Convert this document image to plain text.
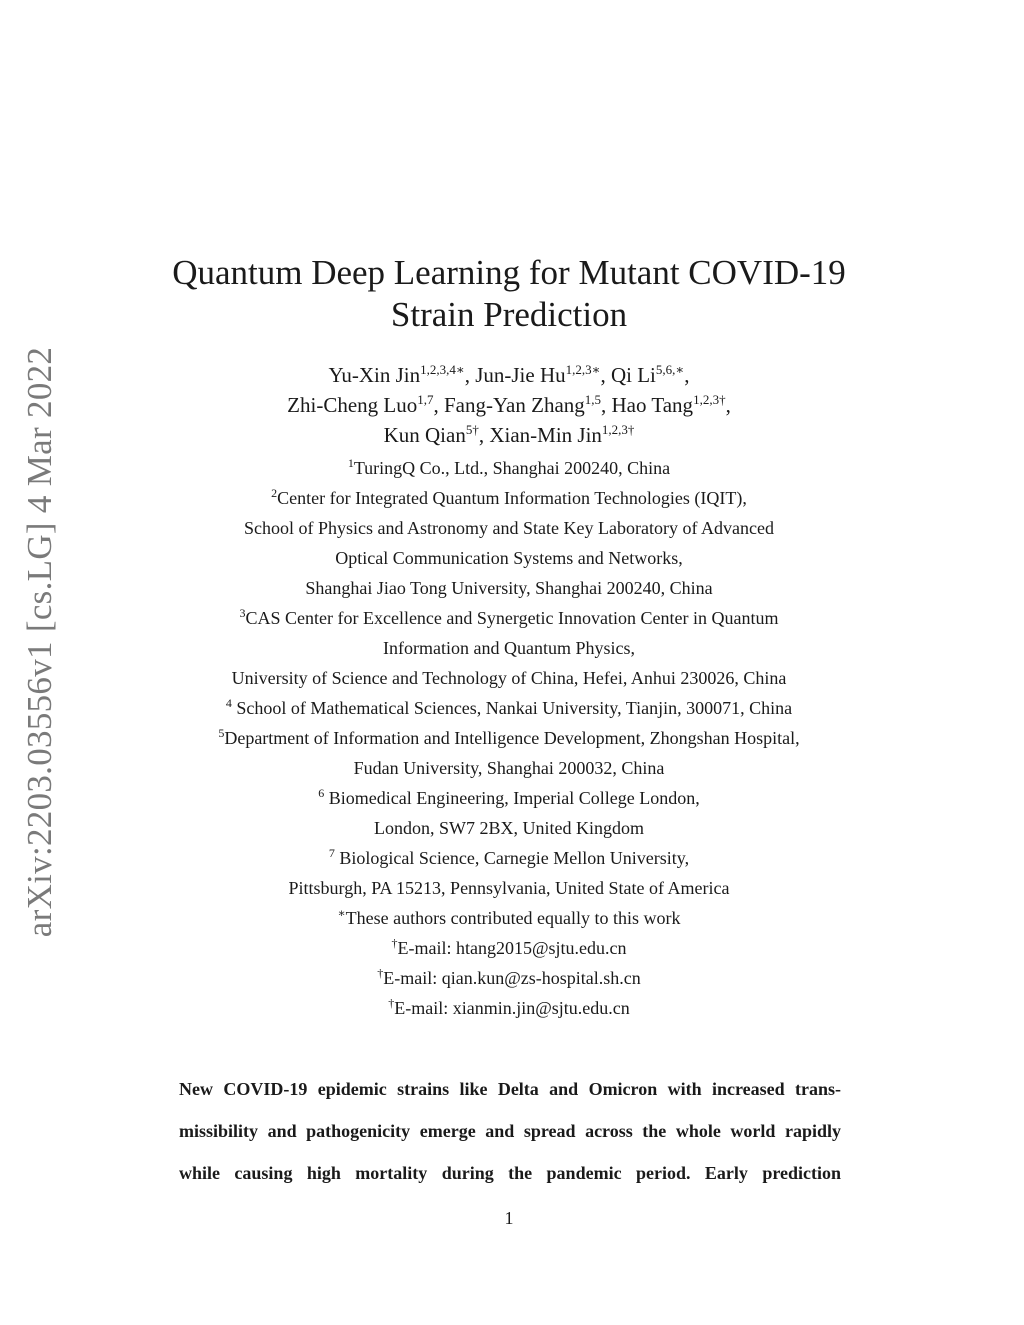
arXiv:2203.03556v1 [cs.LG] 4 Mar 2022
Quantum Deep Learning for Mutant COVID-19
Strain Prediction
Yu-Xin Jin$^{1,2,3,4∗}$, Jun-Jie $Hu^{1,2,3∗}$, Qi $Li^{5,6,∗}$,
Zhi-Cheng Luo$^{1,7}$, Fang-Yan Zhang$^{1,5}$, Hao Tang$^{1,2,3\dagger}$,
Kun Qian$^{5\dagger}$, Xian-Min Jin$^{1,2,3\dagger}$
$^1$TuringQ Co., Ltd., Shanghai 200240, China
$^2$Center for Integrated Quantum Information Technologies (IQIT),
School of Physics and Astronomy and State Key Laboratory of Advanced
Optical Communication Systems and Networks,
Shanghai Jiao Tong University, Shanghai 200240, China
$^3$CAS Center for Excellence and Synergetic Innovation Center in Quantum
Information and Quantum Physics,
University of Science and Technology of China, Hefei, Anhui 230026, China
$^4$ School of Mathematical Sciences, Nankai University, Tianjin, 300071, China
$^5$Department of Information and Intelligence Development, Zhongshan Hospital,
Fudan University, Shanghai 200032, China
$^6$ Biomedical Engineering, Imperial College London,
London, SW7 2BX, United Kingdom
$^7$ Biological Science, Carnegie Mellon University,
Pittsburgh, PA 15213, Pennsylvania, United State of America
∗These authors contributed equally to this work
†E-mail: htang2015@sjtu.edu.cn
†E-mail: qian.kun@zs-hospital.sh.cn
†E-mail: xianmin.jin@sjtu.edu.cn
New COVID-19 epidemic strains like Delta and Omicron with increased trans-
missibility and pathogenicity emerge and spread across the whole world rapidly
while causing high mortality during the pandemic period. Early prediction
1
